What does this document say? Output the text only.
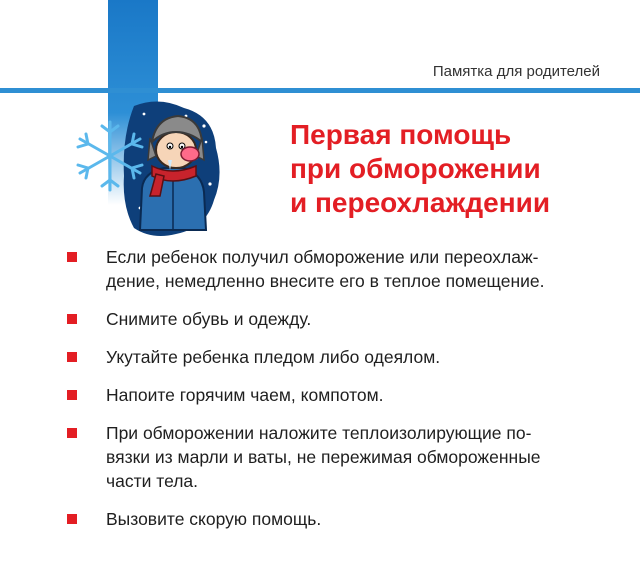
Памятка для родителей
Первая помощь
при обморожении
и переохлаждении
Если ребенок получил обморожение или переохлаж-
дение, немедленно внесите его в теплое помещение.
Снимите обувь и одежду.
Укутайте ребенка пледом либо одеялом.
Напоите горячим чаем, компотом.
При обморожении наложите теплоизолирующие по-
вязки из марли и ваты, не пережимая обмороженные
части тела.
Вызовите скорую помощь.
